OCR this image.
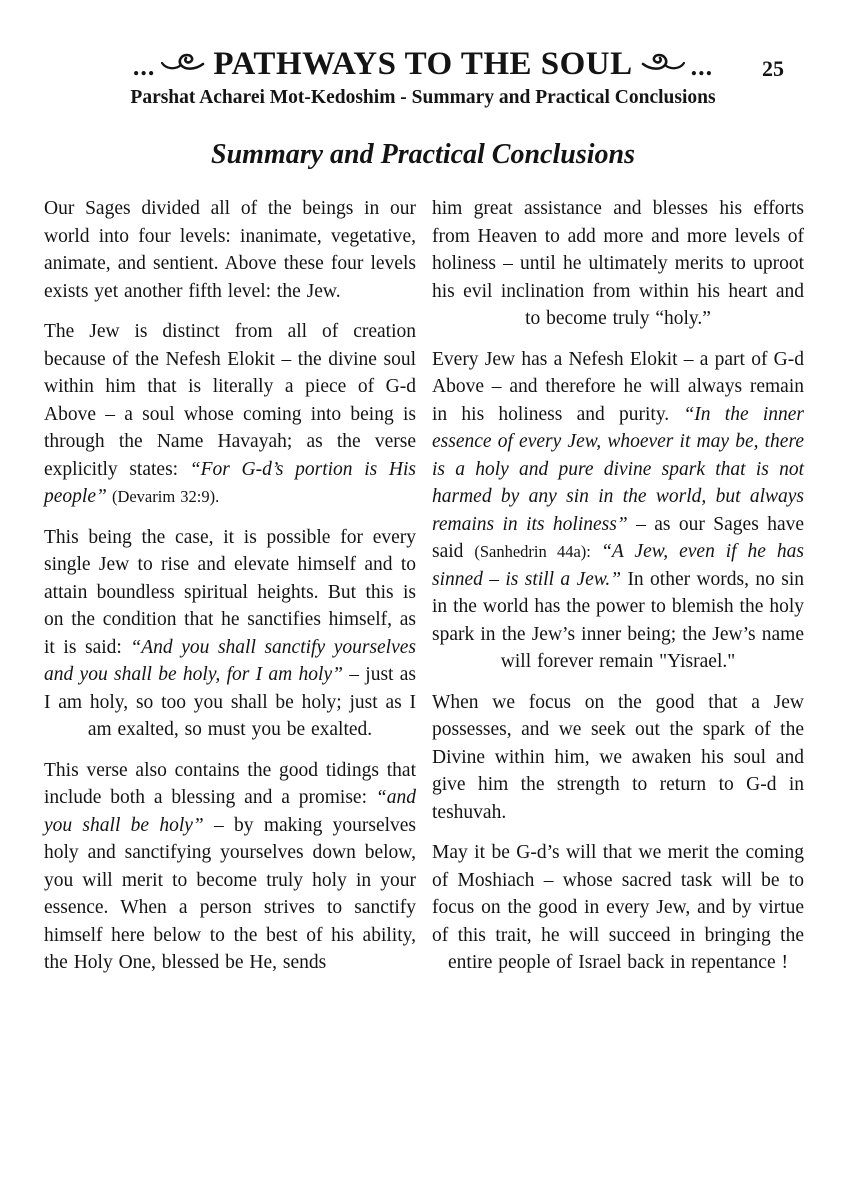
... PATHWAYS TO THE SOUL ...
Parshat Acharei Mot-Kedoshim - Summary and Practical Conclusions
25
Summary and Practical Conclusions

Our Sages divided all of the beings in our world into four levels: inanimate, vegetative, animate, and sentient. Above these four levels exists yet another fifth level: the Jew.

The Jew is distinct from all of creation because of the Nefesh Elokit – the divine soul within him that is literally a piece of G-d Above – a soul whose coming into being is through the Name Havayah; as the verse explicitly states: “For G-d’s portion is His people” (Devarim 32:9).

This being the case, it is possible for every single Jew to rise and elevate himself and to attain boundless spiritual heights. But this is on the condition that he sanctifies himself, as it is said: “And you shall sanctify yourselves and you shall be holy, for I am holy” – just as I am holy, so too you shall be holy; just as I am exalted, so must you be exalted.

This verse also contains the good tidings that include both a blessing and a promise: “and you shall be holy” – by making yourselves holy and sanctifying yourselves down below, you will merit to become truly holy in your essence. When a person strives to sanctify himself here below to the best of his ability, the Holy One, blessed be He, sends

him great assistance and blesses his efforts from Heaven to add more and more levels of holiness – until he ultimately merits to uproot his evil inclination from within his heart and to become truly “holy.”

Every Jew has a Nefesh Elokit – a part of G-d Above – and therefore he will always remain in his holiness and purity. “In the inner essence of every Jew, whoever it may be, there is a holy and pure divine spark that is not harmed by any sin in the world, but always remains in its holiness” – as our Sages have said (Sanhedrin 44a): “A Jew, even if he has sinned – is still a Jew.” In other words, no sin in the world has the power to blemish the holy spark in the Jew’s inner being; the Jew’s name will forever remain "Yisrael."

When we focus on the good that a Jew possesses, and we seek out the spark of the Divine within him, we awaken his soul and give him the strength to return to G-d in teshuvah.

May it be G-d’s will that we merit the coming of Moshiach – whose sacred task will be to focus on the good in every Jew, and by virtue of this trait, he will succeed in bringing the entire people of Israel back in repentance !
